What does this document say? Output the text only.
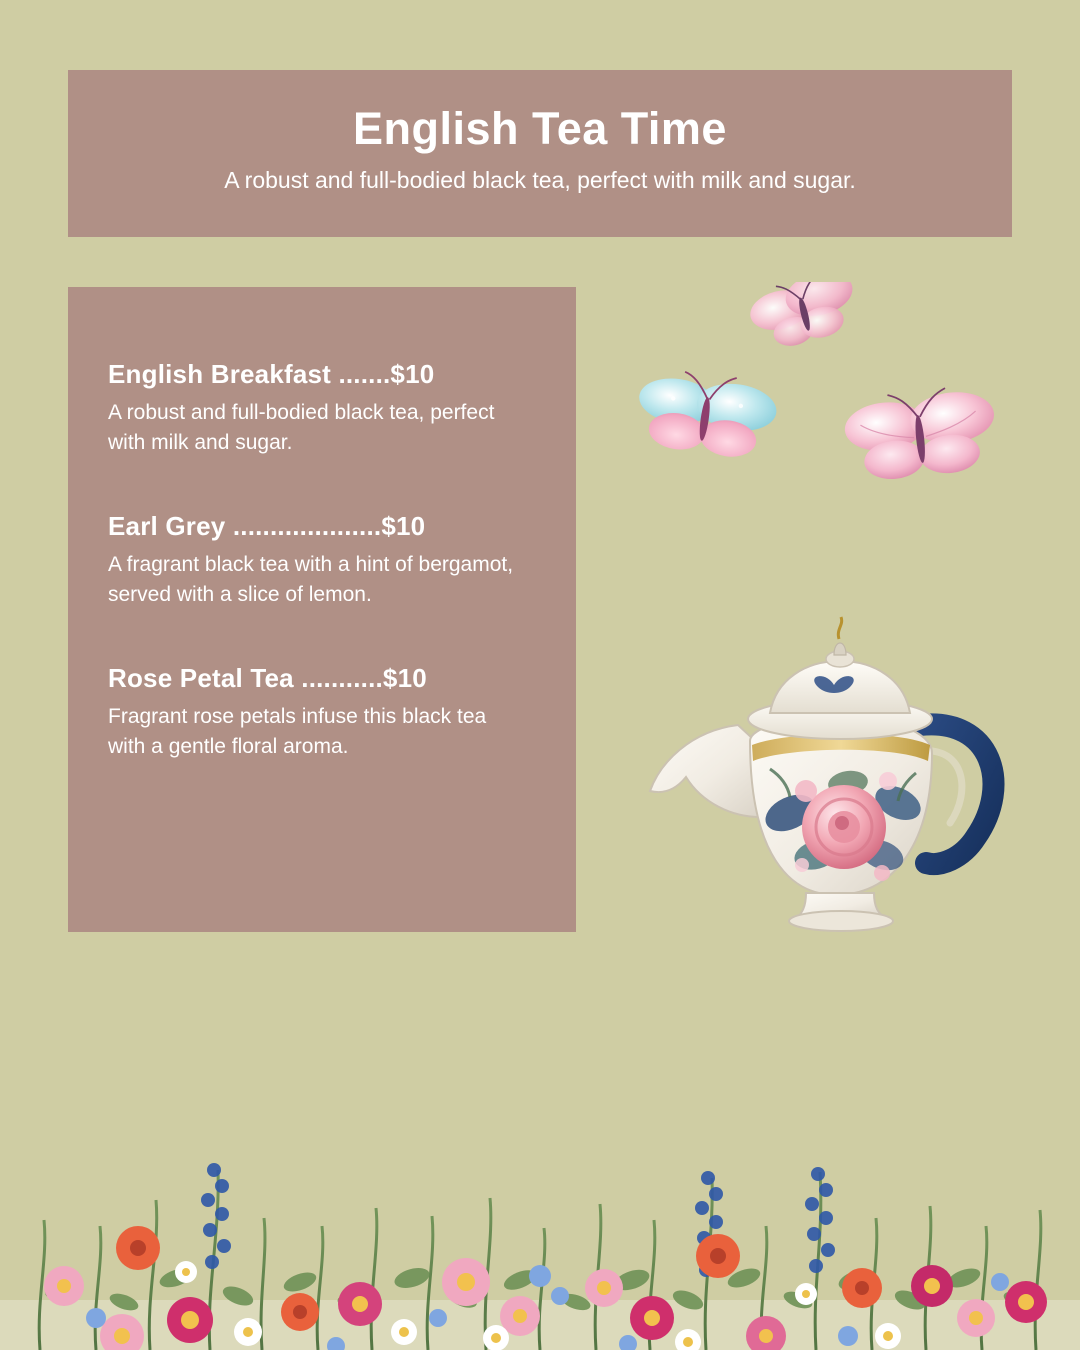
English Tea Time
A robust and full-bodied black tea, perfect with milk and sugar.
English Breakfast .......$10
A robust and full-bodied black tea, perfect with milk and sugar.
Earl Grey ....................$10
A fragrant black tea with a hint of bergamot, served with a slice of lemon.
Rose Petal Tea ...........$10
Fragrant rose petals infuse this black tea with a gentle floral aroma.
